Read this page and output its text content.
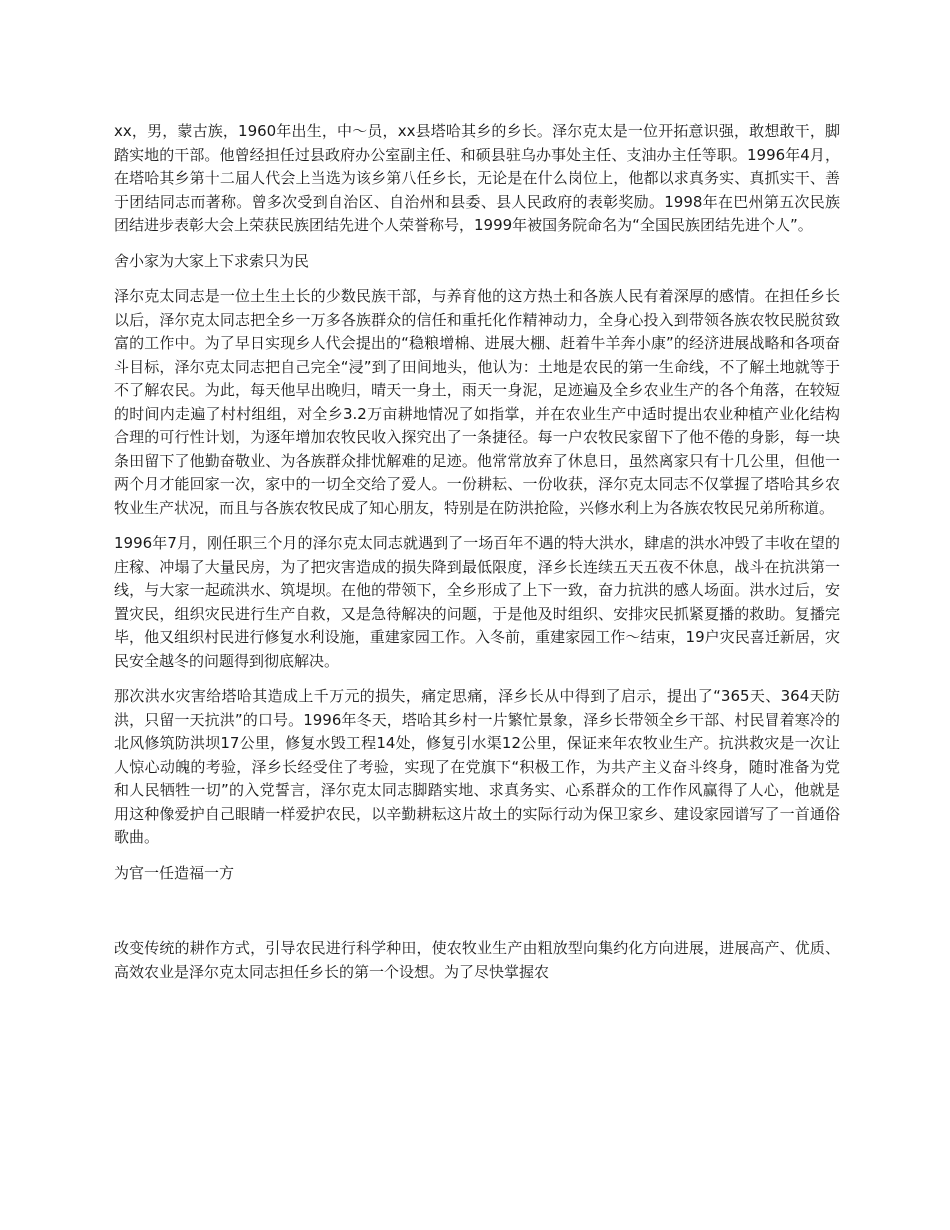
xx，男，蒙古族，1960年出生，中～员，xx县塔哈其乡的乡长。泽尔克太是一位开拓意识强，敢想敢干，脚踏实地的干部。他曾经担任过县政府办公室副主任、和硕县驻乌办事处主任、支油办主任等职。1996年4月，在塔哈其乡第十二届人代会上当选为该乡第八任乡长，无论是在什么岗位上，他都以求真务实、真抓实干、善于团结同志而著称。曾多次受到自治区、自治州和县委、县人民政府的表彰奖励。1998年在巴州第五次民族团结进步表彰大会上荣获民族团结先进个人荣誉称号，1999年被国务院命名为“全国民族团结先进个人”。

舍小家为大家上下求索只为民

泽尔克太同志是一位土生土长的少数民族干部，与养育他的这方热土和各族人民有着深厚的感情。在担任乡长以后，泽尔克太同志把全乡一万多各族群众的信任和重托化作精神动力，全身心投入到带领各族农牧民脱贫致富的工作中。为了早日实现乡人代会提出的“稳粮增棉、进展大棚、赶着牛羊奔小康”的经济进展战略和各项奋斗目标，泽尔克太同志把自己完全“浸”到了田间地头，他认为：土地是农民的第一生命线，不了解土地就等于不了解农民。为此，每天他早出晚归，晴天一身土，雨天一身泥，足迹遍及全乡农业生产的各个角落，在较短的时间内走遍了村村组组，对全乡3.2万亩耕地情况了如指掌，并在农业生产中适时提出农业种植产业化结构合理的可行性计划，为逐年增加农牧民收入探究出了一条捷径。每一户农牧民家留下了他不倦的身影，每一块条田留下了他勤奋敬业、为各族群众排忧解难的足迹。他常常放弃了休息日，虽然离家只有十几公里，但他一两个月才能回家一次，家中的一切全交给了爱人。一份耕耘、一份收获，泽尔克太同志不仅掌握了塔哈其乡农牧业生产状况，而且与各族农牧民成了知心朋友，特别是在防洪抢险，兴修水利上为各族农牧民兄弟所称道。

1996年7月，刚任职三个月的泽尔克太同志就遇到了一场百年不遇的特大洪水，肆虐的洪水冲毁了丰收在望的庄稼、冲塌了大量民房，为了把灾害造成的损失降到最低限度，泽乡长连续五天五夜不休息，战斗在抗洪第一线，与大家一起疏洪水、筑堤坝。在他的带领下，全乡形成了上下一致，奋力抗洪的感人场面。洪水过后，安置灾民，组织灾民进行生产自救，又是急待解决的问题，于是他及时组织、安排灾民抓紧夏播的救助。复播完毕，他又组织村民进行修复水利设施，重建家园工作。入冬前，重建家园工作～结束，19户灾民喜迁新居，灾民安全越冬的问题得到彻底解决。

那次洪水灾害给塔哈其造成上千万元的损失，痛定思痛，泽乡长从中得到了启示，提出了“365天、364天防洪，只留一天抗洪”的口号。1996年冬天，塔哈其乡村一片繁忙景象，泽乡长带领全乡干部、村民冒着寒冷的北风修筑防洪坝17公里，修复水毁工程14处，修复引水渠12公里，保证来年农牧业生产。抗洪救灾是一次让人惊心动魄的考验，泽乡长经受住了考验，实现了在党旗下“积极工作，为共产主义奋斗终身，随时准备为党和人民牺牲一切”的入党誓言，泽尔克太同志脚踏实地、求真务实、心系群众的工作作风赢得了人心，他就是用这种像爱护自己眼睛一样爱护农民，以辛勤耕耘这片故土的实际行动为保卫家乡、建设家园谱写了一首通俗歌曲。

为官一任造福一方

改变传统的耕作方式，引导农民进行科学种田，使农牧业生产由粗放型向集约化方向进展，进展高产、优质、高效农业是泽尔克太同志担任乡长的第一个设想。为了尽快掌握农
